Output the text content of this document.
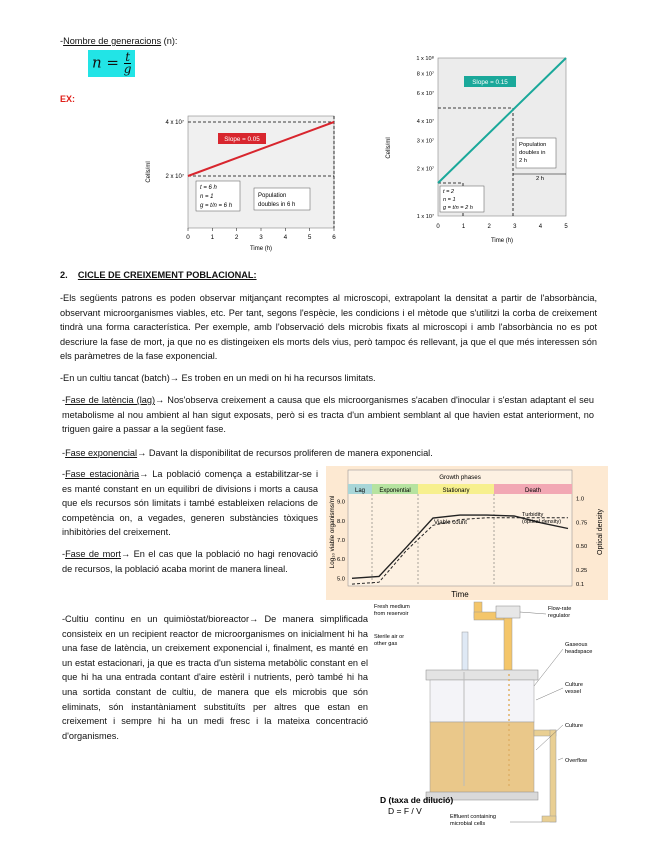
-Nombre de generacions (n):
$n = \frac{t}{g}$
EX:
Slope = 0.05
t = 6 h
n = 1
g = t/n = 6 h
Population
doubles in 6 h
4 x 10⁷
2 x 10⁷
0	1	2	3	4	5	6
Time (h)
Cells/ml
Slope = 0.15
t = 2
n = 1
g = t/n = 2 h
Population
doubles in
2 h
2 h
1 x 10⁸
8 x 10⁷
6 x 10⁷
4 x 10⁷
3 x 10⁷
2 x 10⁷
1 x 10⁷
0	1	2	3	4	5
Time (h)
Cells/ml
2. CICLE DE CREIXEMENT POBLACIONAL:
-Els següents patrons es poden observar mitjançant recomptes al microscopi, extrapolant la densitat a partir de l'absorbància, observant microorganismes viables, etc. Per tant, segons l'espècie, les condicions i el mètode que s'utilitzi la corba de creixement tindrà una forma característica. Per exemple, amb l'observació dels microbis fixats al microscopi i amb l'absorbància no es pot descriure la fase de mort, ja que no es distingeixen els morts dels vius, però tampoc és rellevant, ja que el que més interessen són els paràmetres de la fase exponencial.
-En un cultiu tancat (batch)→ Es troben en un medi on hi ha recursos limitats.
-Fase de latència (lag)→ Nos'observa creixement a causa que els microorganismes s'acaben d'inocular i s'estan adaptant el seu metabolisme al nou ambient al han sigut exposats, però si es tracta d'un ambient semblant al que havien estat anteriorment, no triguen gaire a passar a la següent fase.
-Fase exponencial→ Davant la disponibilitat de recursos proliferen de manera exponencial.
-Fase estacionària→ La població comença a estabilitzar-se i es manté constant en un equilibri de divisions i morts a causa que els recursos són limitats i també estableixen relacions de competència on, a vegades, generen substàncies tòxiques inhibitòries del creixement.
-Fase de mort→ En el cas que la població no hagi renovació de recursos, la població acaba morint de manera lineal.
Growth phases
Lag Exponential	Stationary	Death
Viable count
Turbidity
(optical density)
9.0
8.0
7.0
6.0
5.0
1.0
0.75
0.50
0.25
0.1
Time
Log₁₀ viable organisms/ml	Optical density
-Cultiu continu en un quimiòstat/bioreactor→ De manera simplificada consisteix en un recipient reactor de microorganismes on inicialment hi ha una fase de latència, un creixement exponencial i, finalment, es manté en un estat estacionari, ja que es tracta d'un sistema metabòlic constant en el que hi ha una entrada contant d'aire estèril i nutrients, però també hi ha una sortida constant de cultiu, de manera que els microbis que són eliminats, són instantàniament substituïts per altres que estan en creixement i sempre hi ha un medi fresc i la mateixa concentració d'organismes.
Fresh medium
from reservoir
Flow-rate
regulator
Sterile air or
other gas	Gaseous
headspace
Culture
vessel
Culture
Overflow
Effluent containing
microbial cells
D (taxa de dilució)
D = F / V
